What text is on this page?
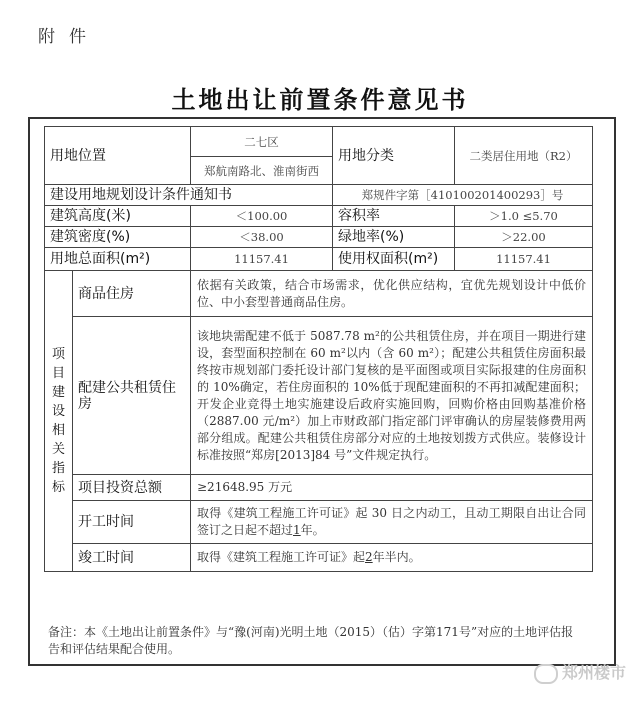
附件
土地出让前置条件意见书
用地位置		二七区	用地分类	二类居住用地（R2）
		郑航南路北、淮南街西		
建设用地规划设计条件通知书			郑规件字第［410100201400293］号	
建筑高度(米)		＜100.00	容积率	＞1.0 ≤5.70
建筑密度(%)		＜38.00	绿地率(%)	＞22.00
用地总面积(m²)		11157.41	使用权面积(m²)	11157.41

项目建设相关指标	商品住房	依据有关政策，结合市场需求，优化供应结构，宜优先规划设计中低价位、中小套型普通商品住房。		
	配建公共租赁住房	该地块需配建不低于 5087.78 m²的公共租赁住房，并在项目一期进行建设，套型面积控制在 60 m²以内（含 60 m²）；配建公共租赁住房面积最终按市规划部门委托设计部门复核的是平面图或项目实际报建的住房面积的 10%确定，若住房面积的 10%低于现配建面积的不再扣减配建面积；开发企业竞得土地实施建设后政府实施回购，回购价格由回购基准价格（2887.00 元/m²）加上市财政部门指定部门评审确认的房屋装修费用两部分组成。配建公共租赁住房部分对应的土地按划拨方式供应。装修设计标准按照“郑房[2013]84 号”文件规定执行。		
	项目投资总额	≥21648.95 万元		
	开工时间	取得《建筑工程施工许可证》起 30 日之内动工，且动工期限自出让合同签订之日起不超过1年。		
	竣工时间	取得《建筑工程施工许可证》起2年半内。		
备注：本《土地出让前置条件》与“豫(河南)光明土地（2015）（估）字第171号”对应的土地评估报告和评估结果配合使用。
郑州楼市
